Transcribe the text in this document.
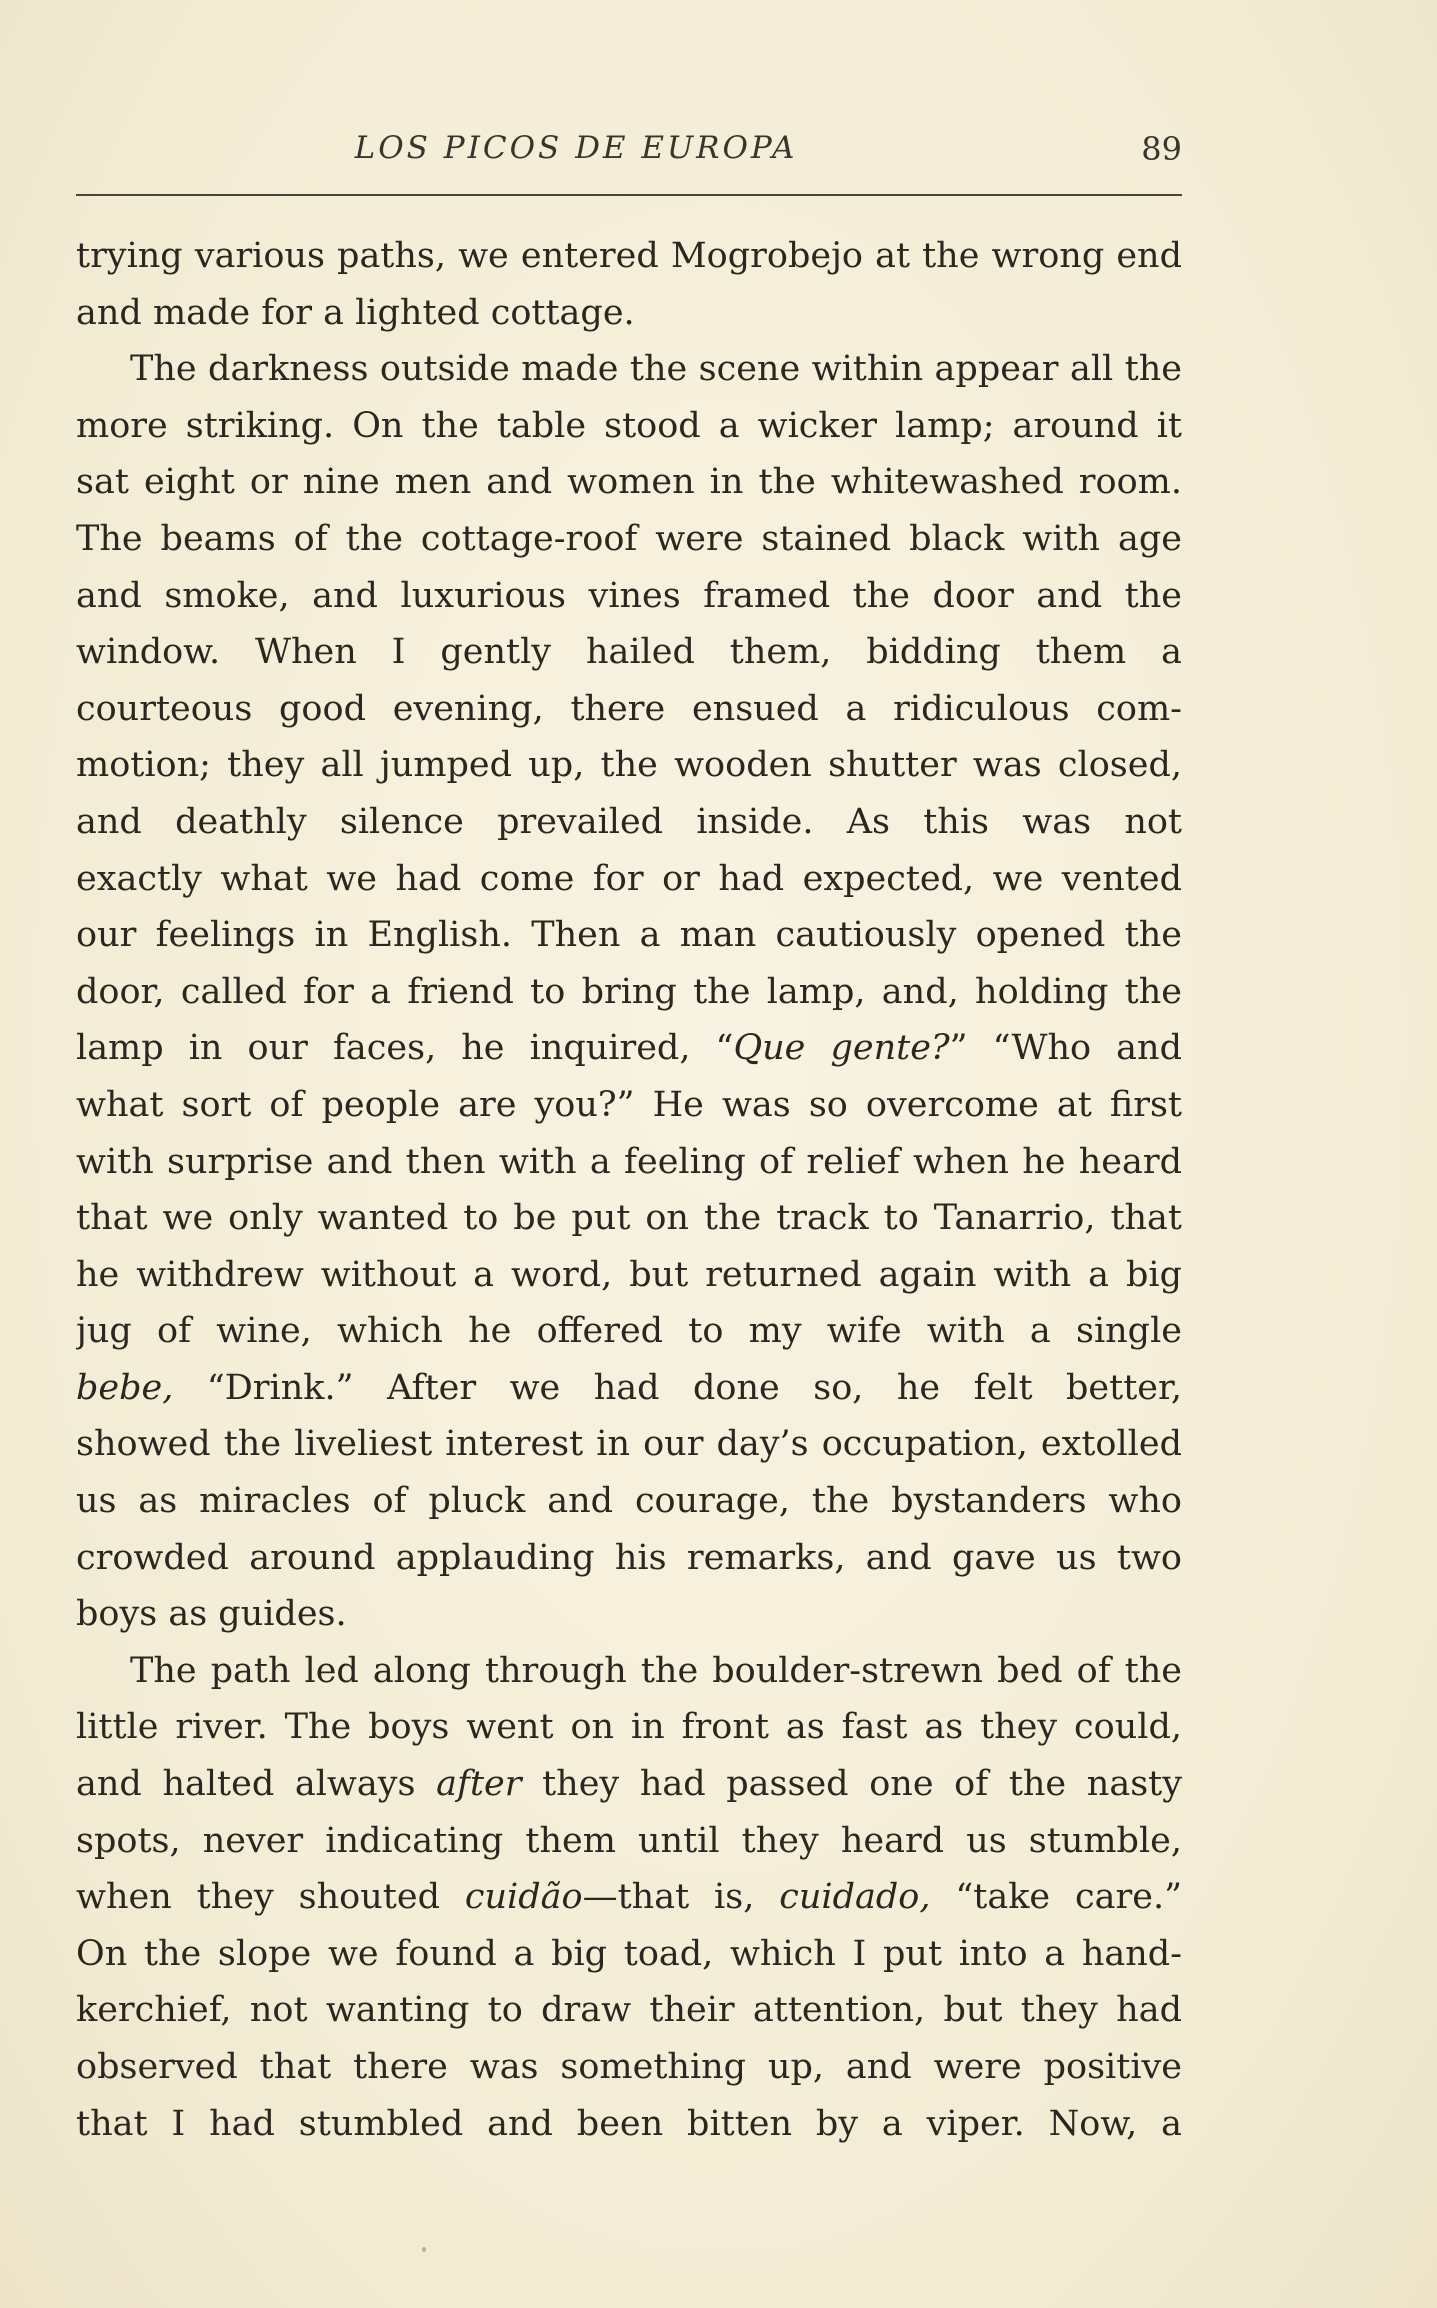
LOS PICOS DE EUROPA	89
trying various paths, we entered Mogrobejo at the wrong end
and made for a lighted cottage.
The darkness outside made the scene within appear all the
more striking. On the table stood a wicker lamp; around it
sat eight or nine men and women in the whitewashed room.
The beams of the cottage-roof were stained black with age
and smoke, and luxurious vines framed the door and the
window. When I gently hailed them, bidding them a
courteous good evening, there ensued a ridiculous com-
motion; they all jumped up, the wooden shutter was closed,
and deathly silence prevailed inside. As this was not
exactly what we had come for or had expected, we vented
our feelings in English. Then a man cautiously opened the
door, called for a friend to bring the lamp, and, holding the
lamp in our faces, he inquired, “Que gente?” “Who and
what sort of people are you?” He was so overcome at first
with surprise and then with a feeling of relief when he heard
that we only wanted to be put on the track to Tanarrio, that
he withdrew without a word, but returned again with a big
jug of wine, which he offered to my wife with a single
bebe, “Drink.” After we had done so, he felt better,
showed the liveliest interest in our day’s occupation, extolled
us as miracles of pluck and courage, the bystanders who
crowded around applauding his remarks, and gave us two
boys as guides.
The path led along through the boulder-strewn bed of the
little river. The boys went on in front as fast as they could,
and halted always after they had passed one of the nasty
spots, never indicating them until they heard us stumble,
when they shouted cuidão—that is, cuidado, “take care.”
On the slope we found a big toad, which I put into a hand-
kerchief, not wanting to draw their attention, but they had
observed that there was something up, and were positive
that I had stumbled and been bitten by a viper. Now, a
